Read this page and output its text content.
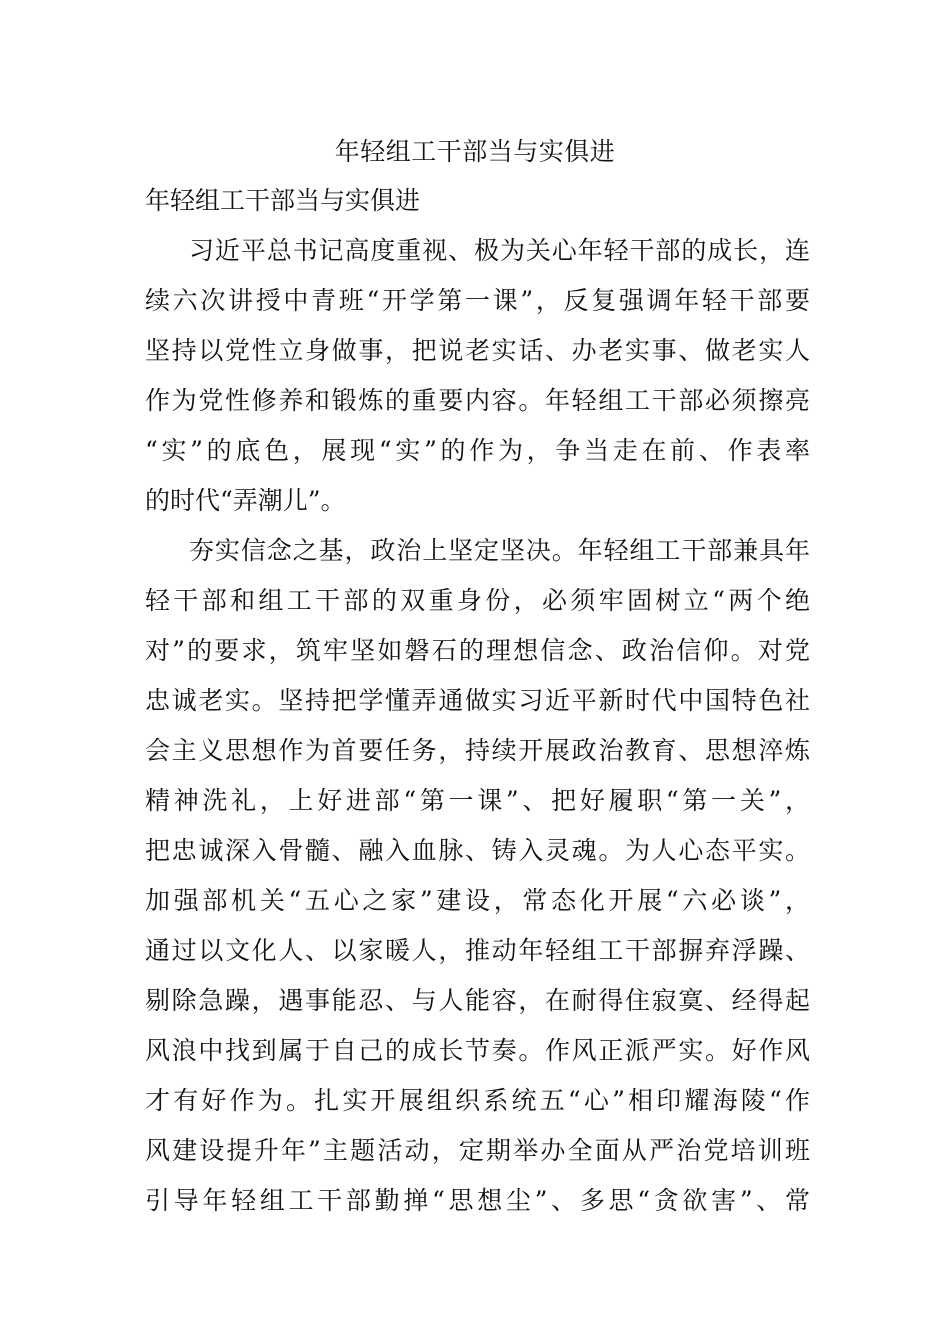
年轻组工干部当与实俱进
年轻组工干部当与实俱进
习近平总书记高度重视、极为关心年轻干部的成长，连
续六次讲授中青班“开学第一课”，反复强调年轻干部要
坚持以党性立身做事，把说老实话、办老实事、做老实人
作为党性修养和锻炼的重要内容。年轻组工干部必须擦亮
“实”的底色，展现“实”的作为，争当走在前、作表率
的时代“弄潮儿”。
夯实信念之基，政治上坚定坚决。年轻组工干部兼具年
轻干部和组工干部的双重身份，必须牢固树立“两个绝
对”的要求，筑牢坚如磐石的理想信念、政治信仰。对党
忠诚老实。坚持把学懂弄通做实习近平新时代中国特色社
会主义思想作为首要任务，持续开展政治教育、思想淬炼
精神洗礼，上好进部“第一课”、把好履职“第一关”，
把忠诚深入骨髓、融入血脉、铸入灵魂。为人心态平实。
加强部机关“五心之家”建设，常态化开展“六必谈”，
通过以文化人、以家暖人，推动年轻组工干部摒弃浮躁、
剔除急躁，遇事能忍、与人能容，在耐得住寂寞、经得起
风浪中找到属于自己的成长节奏。作风正派严实。好作风
才有好作为。扎实开展组织系统五“心”相印耀海陵“作
风建设提升年”主题活动，定期举办全面从严治党培训班
引导年轻组工干部勤掸“思想尘”、多思“贪欲害”、常
